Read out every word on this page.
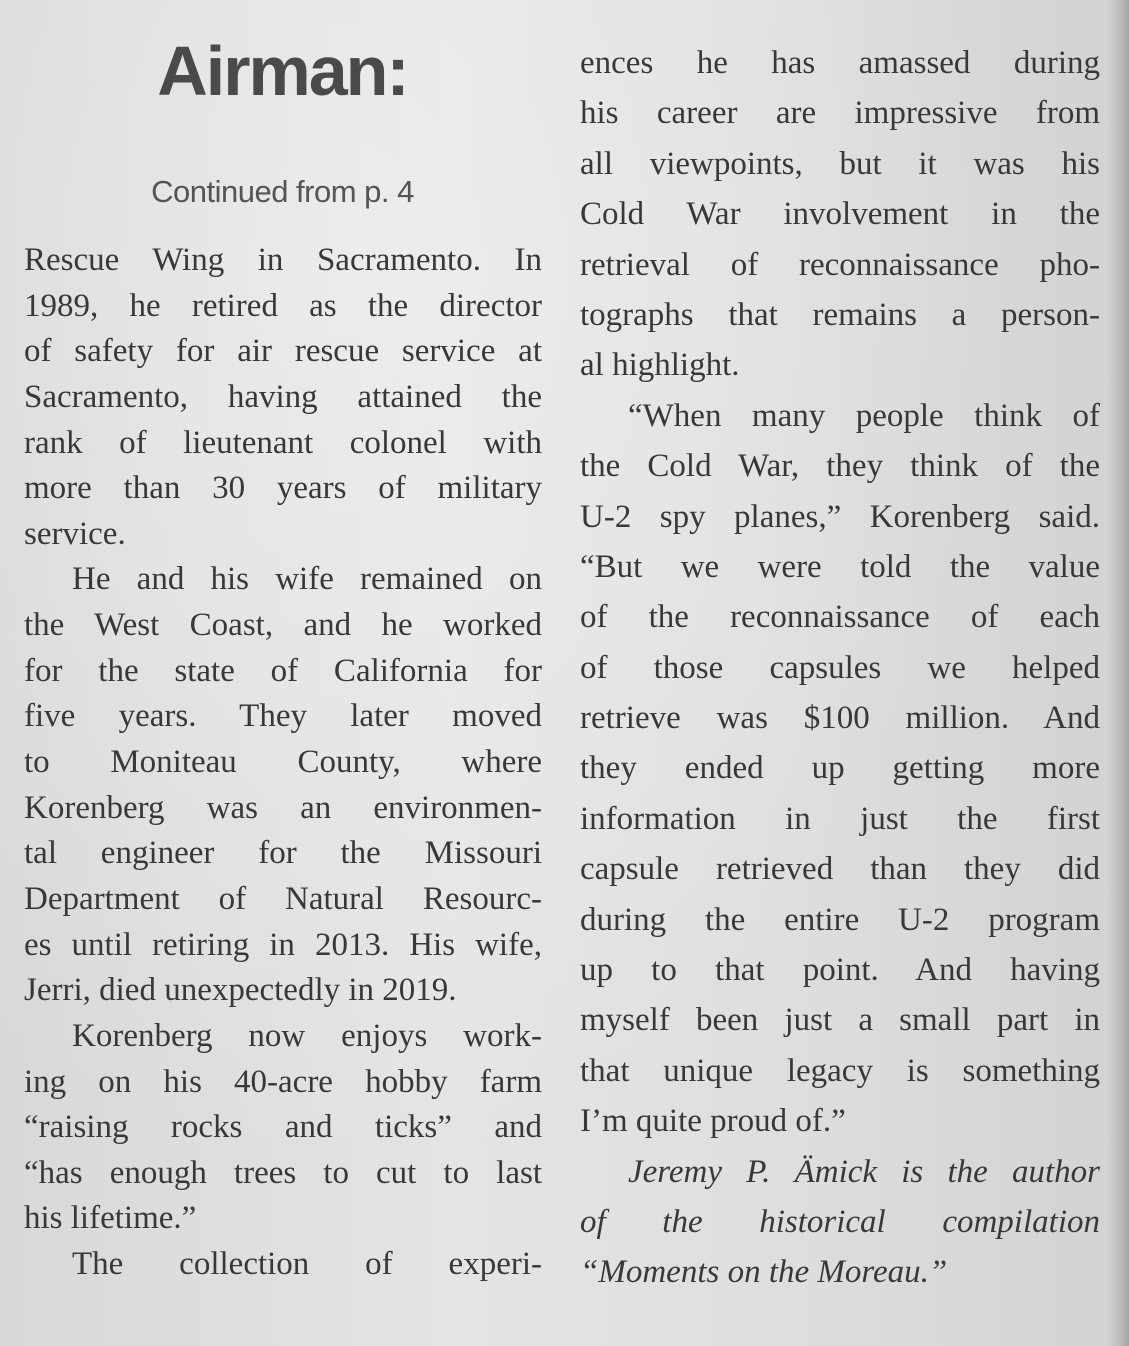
Airman:
Continued from p. 4
Rescue Wing in Sacramento. In
1989, he retired as the director
of safety for air rescue service at
Sacramento, having attained the
rank of lieutenant colonel with
more than 30 years of military
service.
He and his wife remained on
the West Coast, and he worked
for the state of California for
five years. They later moved
to Moniteau County, where
Korenberg was an environmen-
tal engineer for the Missouri
Department of Natural Resourc-
es until retiring in 2013. His wife,
Jerri, died unexpectedly in 2019.
Korenberg now enjoys work-
ing on his 40-acre hobby farm
“raising rocks and ticks” and
“has enough trees to cut to last
his lifetime.”
The collection of experi-
ences he has amassed during
his career are impressive from
all viewpoints, but it was his
Cold War involvement in the
retrieval of reconnaissance pho-
tographs that remains a person-
al highlight.
“When many people think of
the Cold War, they think of the
U-2 spy planes,” Korenberg said.
“But we were told the value
of the reconnaissance of each
of those capsules we helped
retrieve was $100 million. And
they ended up getting more
information in just the first
capsule retrieved than they did
during the entire U-2 program
up to that point. And having
myself been just a small part in
that unique legacy is something
I’m quite proud of.”
Jeremy P. Ämick is the author
of the historical compilation
“Moments on the Moreau.”
